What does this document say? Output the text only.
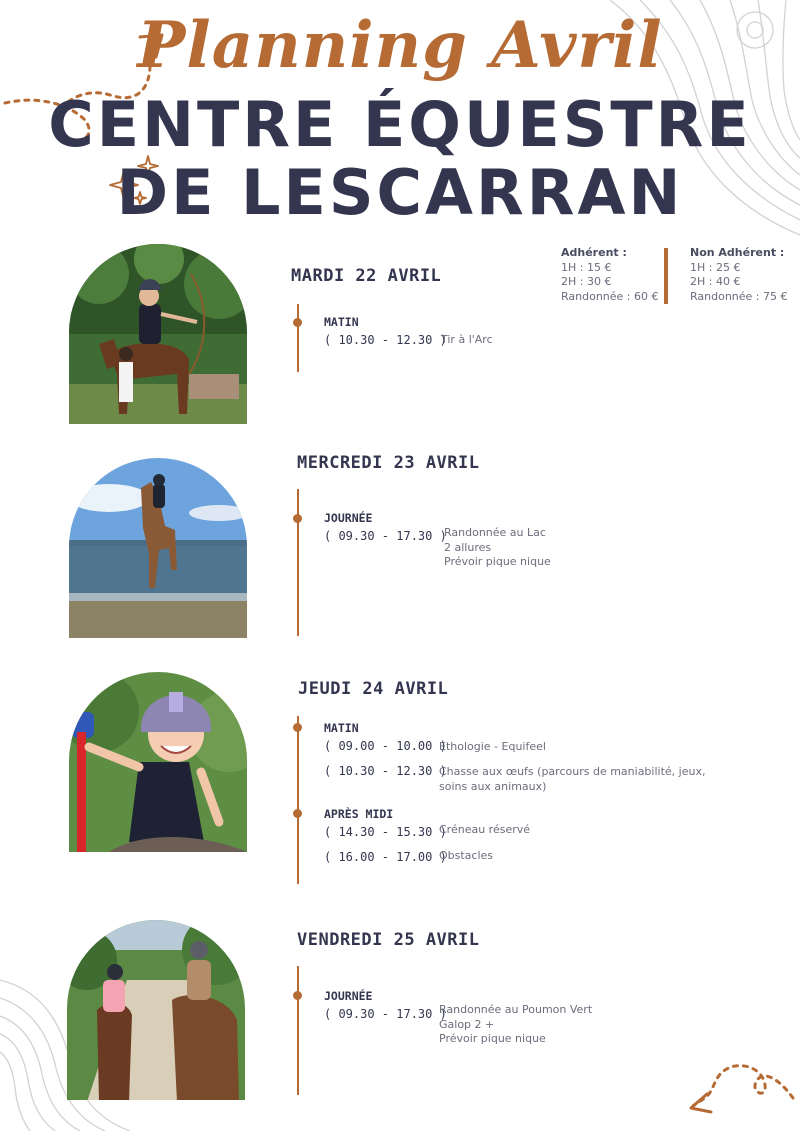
Planning Avril
CENTRE ÉQUESTRE
DE LESCARRAN
Adhérent :
1H : 15 €
2H : 30 €
Randonnée : 60 €
Non Adhérent :
1H : 25 €
2H : 40 €
Randonnée : 75 €
MARDI 22 AVRIL
MATIN
( 10.30 - 12.30 )
Tir à l'Arc
MERCREDI 23 AVRIL
JOURNÉE
( 09.30 - 17.30 )
Randonnée au Lac
2 allures
Prévoir pique nique
JEUDI 24 AVRIL
MATIN
( 09.00 - 10.00 )
Ethologie - Equifeel
( 10.30 - 12.30 )
Chasse aux œufs (parcours de maniabilité, jeux,
soins aux animaux)
APRÈS MIDI
( 14.30 - 15.30 )
Créneau réservé
( 16.00 - 17.00 )
Obstacles
VENDREDI 25 AVRIL
JOURNÉE
( 09.30 - 17.30 )
Randonnée au Poumon Vert
Galop 2 +
Prévoir pique nique
